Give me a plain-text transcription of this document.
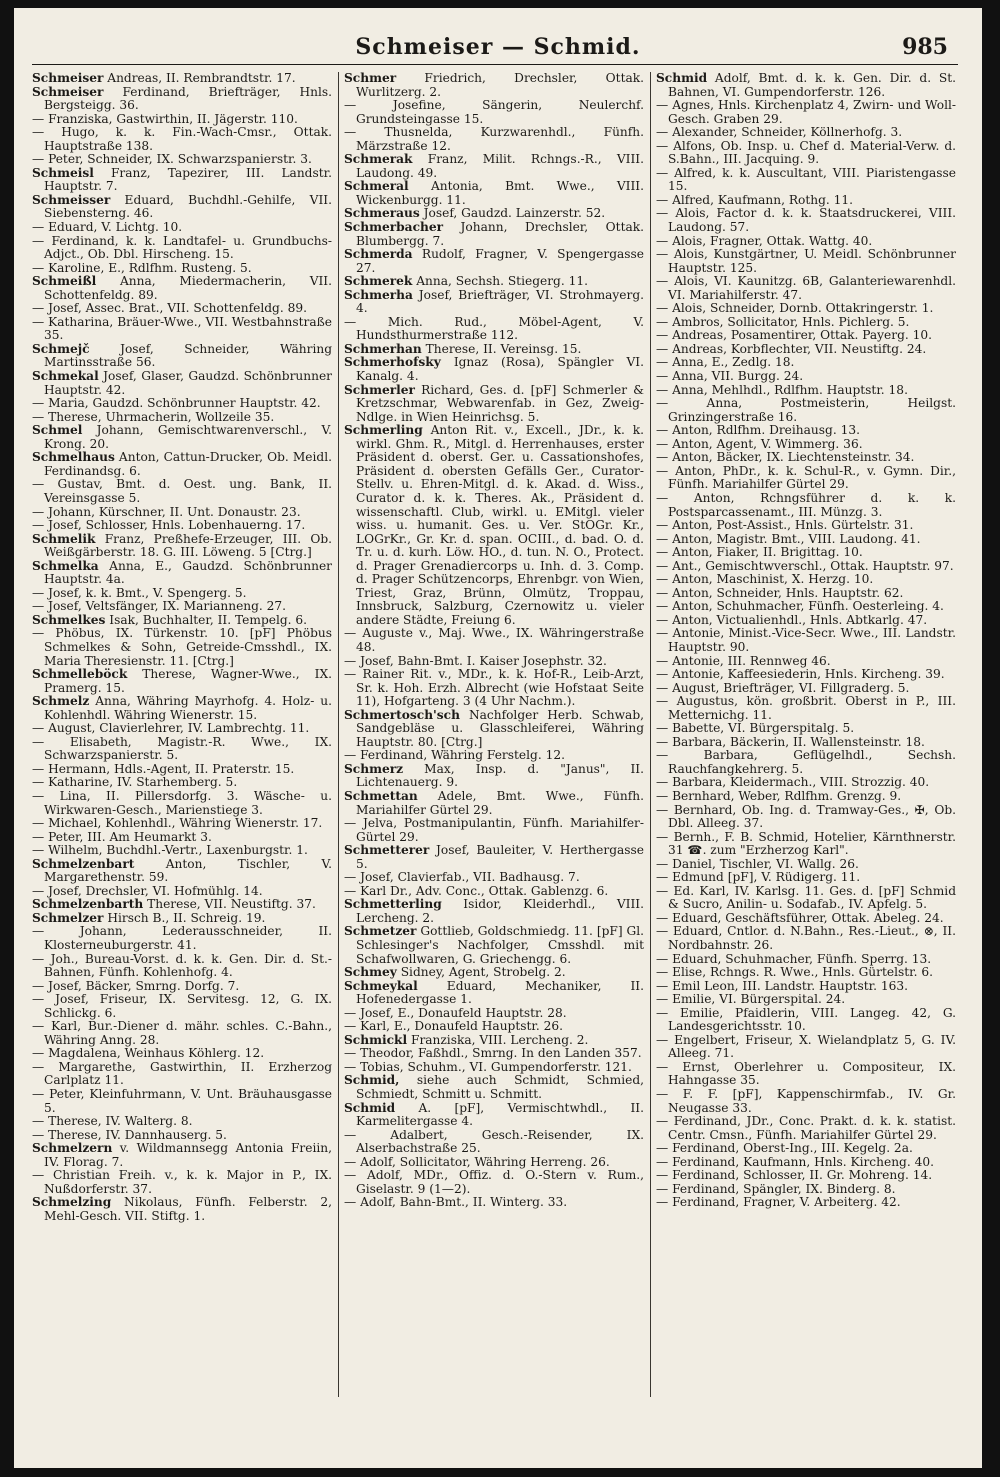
Schmeiser — Schmid.	985
Schmeiser Andreas, II. Rembrandtstr. 17.
Schmeiser Ferdinand, Briefträger, Hnls. Bergsteigg. 36.
— Franziska, Gastwirthin, II. Jägerstr. 110.
— Hugo, k. k. Fin.-Wach-Cmsr., Ottak. Hauptstraße 138.
— Peter, Schneider, IX. Schwarzspanierstr. 3.
Schmeisl Franz, Tapezirer, III. Landstr. Hauptstr. 7.
Schmeisser Eduard, Buchdhl.-Gehilfe, VII. Siebensterng. 46.
— Eduard, V. Lichtg. 10.
— Ferdinand, k. k. Landtafel- u. Grundbuchs-Adjct., Ob. Dbl. Hirscheng. 15.
— Karoline, E., Rdlfhm. Rusteng. 5.
Schmeißl Anna, Miedermacherin, VII. Schottenfeldg. 89.
— Josef, Assec. Brat., VII. Schottenfeldg. 89.
— Katharina, Bräuer-Wwe., VII. Westbahnstraße 35.
Schmejč Josef, Schneider, Währing Martinsstraße 56.
Schmekal Josef, Glaser, Gaudzd. Schönbrunner Hauptstr. 42.
— Maria, Gaudzd. Schönbrunner Hauptstr. 42.
— Therese, Uhrmacherin, Wollzeile 35.
Schmel Johann, Gemischtwarenverschl., V. Krong. 20.
Schmelhaus Anton, Cattun-Drucker, Ob. Meidl. Ferdinandsg. 6.
— Gustav, Bmt. d. Oest. ung. Bank, II. Vereinsgasse 5.
— Johann, Kürschner, II. Unt. Donaustr. 23.
— Josef, Schlosser, Hnls. Lobenhauerng. 17.
Schmelik Franz, Preßhefe-Erzeuger, III. Ob. Weißgärberstr. 18. G. III. Löweng. 5 [Ctrg.]
Schmelka Anna, E., Gaudzd. Schönbrunner Hauptstr. 4a.
— Josef, k. k. Bmt., V. Spengerg. 5.
— Josef, Veltsfänger, IX. Marianneng. 27.
Schmelkes Isak, Buchhalter, II. Tempelg. 6.
— Phöbus, IX. Türkenstr. 10. [pF] Phöbus Schmelkes & Sohn, Getreide-Cmsshdl., IX. Maria Theresienstr. 11. [Ctrg.]
Schmelleböck Therese, Wagner-Wwe., IX. Pramerg. 15.
Schmelz Anna, Währing Mayrhofg. 4. Holz- u. Kohlenhdl. Währing Wienerstr. 15.
— August, Clavierlehrer, IV. Lambrechtg. 11.
— Elisabeth, Magistr.-R. Wwe., IX. Schwarzspanierstr. 5.
— Hermann, Hdls.-Agent, II. Praterstr. 15.
— Katharine, IV. Starhemberg. 5.
— Lina, II. Pillersdorfg. 3. Wäsche- u. Wirkwaren-Gesch., Marienstiege 3.
— Michael, Kohlenhdl., Währing Wienerstr. 17.
— Peter, III. Am Heumarkt 3.
— Wilhelm, Buchdhl.-Vertr., Laxenburgstr. 1.
Schmelzenbart Anton, Tischler, V. Margarethenstr. 59.
— Josef, Drechsler, VI. Hofmühlg. 14.
Schmelzenbarth Therese, VII. Neustiftg. 37.
Schmelzer Hirsch B., II. Schreig. 19.
— Johann, Lederausschneider, II. Klosterneuburgerstr. 41.
— Joh., Bureau-Vorst. d. k. k. Gen. Dir. d. St.-Bahnen, Fünfh. Kohlenhofg. 4.
— Josef, Bäcker, Smrng. Dorfg. 7.
— Josef, Friseur, IX. Servitesg. 12, G. IX. Schlickg. 6.
— Karl, Bur.-Diener d. mähr. schles. C.-Bahn., Währing Anng. 28.
— Magdalena, Weinhaus Köhlerg. 12.
— Margarethe, Gastwirthin, II. Erzherzog Carlplatz 11.
— Peter, Kleinfuhrmann, V. Unt. Bräuhausgasse 5.
— Therese, IV. Walterg. 8.
— Therese, IV. Dannhauserg. 5.
Schmelzern v. Wildmannsegg Antonia Freiin, IV. Florag. 7.
— Christian Freih. v., k. k. Major in P., IX. Nußdorferstr. 37.
Schmelzing Nikolaus, Fünfh. Felberstr. 2, Mehl-Gesch. VII. Stiftg. 1.
Schmer Friedrich, Drechsler, Ottak. Wurlitzerg. 2.
— Josefine, Sängerin, Neulerchf. Grundsteingasse 15.
— Thusnelda, Kurzwarenhdl., Fünfh. Märzstraße 12.
Schmerak Franz, Milit. Rchngs.-R., VIII. Laudong. 49.
Schmeral Antonia, Bmt. Wwe., VIII. Wickenburgg. 11.
Schmeraus Josef, Gaudzd. Lainzerstr. 52.
Schmerbacher Johann, Drechsler, Ottak. Blumbergg. 7.
Schmerda Rudolf, Fragner, V. Spengergasse 27.
Schmerek Anna, Sechsh. Stiegerg. 11.
Schmerha Josef, Briefträger, VI. Strohmayerg. 4.
— Mich. Rud., Möbel-Agent, V. Hundsthurmerstraße 112.
Schmerhan Therese, II. Vereinsg. 15.
Schmerhofsky Ignaz (Rosa), Spängler VI. Kanalg. 4.
Schmerler Richard, Ges. d. [pF] Schmerler & Kretzschmar, Webwarenfab. in Gez, Zweig-Ndlge. in Wien Heinrichsg. 5.
Schmerling Anton Rit. v., Excell., JDr., k. k. wirkl. Ghm. R., Mitgl. d. Herrenhauses, erster Präsident d. oberst. Ger. u. Cassationshofes, Präsident d. obersten Gefälls Ger., Curator-Stellv. u. Ehren-Mitgl. d. k. Akad. d. Wiss., Curator d. k. k. Theres. Ak., Präsident d. wissenschaftl. Club, wirkl. u. EMitgl. vieler wiss. u. humanit. Ges. u. Ver. StOGr. Kr., LOGrKr., Gr. Kr. d. span. OCIII., d. bad. O. d. Tr. u. d. kurh. Löw. HO., d. tun. N. O., Protect. d. Prager Grenadiercorps u. Inh. d. 3. Comp. d. Prager Schützencorps, Ehrenbgr. von Wien, Triest, Graz, Brünn, Olmütz, Troppau, Innsbruck, Salzburg, Czernowitz u. vieler andere Städte, Freiung 6.
— Auguste v., Maj. Wwe., IX. Währingerstraße 48.
— Josef, Bahn-Bmt. I. Kaiser Josephstr. 32.
— Rainer Rit. v., MDr., k. k. Hof-R., Leib-Arzt, Sr. k. Hoh. Erzh. Albrecht (wie Hofstaat Seite 11), Hofgarteng. 3 (4 Uhr Nachm.).
Schmertosch'sch Nachfolger Herb. Schwab, Sandgebläse u. Glasschleiferei, Währing Hauptstr. 80. [Ctrg.]
— Ferdinand, Währing Ferstelg. 12.
Schmerz Max, Insp. d. "Janus", II. Lichtenauerg. 9.
Schmettan Adele, Bmt. Wwe., Fünfh. Mariahilfer Gürtel 29.
— Jelva, Postmanipulantin, Fünfh. Mariahilfer-Gürtel 29.
Schmetterer Josef, Bauleiter, V. Herthergasse 5.
— Josef, Clavierfab., VII. Badhausg. 7.
— Karl Dr., Adv. Conc., Ottak. Gablenzg. 6.
Schmetterling Isidor, Kleiderhdl., VIII. Lercheng. 2.
Schmetzer Gottlieb, Goldschmiedg. 11. [pF] Gl. Schlesinger's Nachfolger, Cmsshdl. mit Schafwollwaren, G. Griechengg. 6.
Schmey Sidney, Agent, Strobelg. 2.
Schmeykal Eduard, Mechaniker, II. Hofenedergasse 1.
— Josef, E., Donaufeld Hauptstr. 28.
— Karl, E., Donaufeld Hauptstr. 26.
Schmickl Franziska, VIII. Lercheng. 2.
— Theodor, Faßhdl., Smrng. In den Landen 357.
— Tobias, Schuhm., VI. Gumpendorferstr. 121.
Schmid, siehe auch Schmidt, Schmied, Schmiedt, Schmitt u. Schmitt.
Schmid A. [pF], Vermischtwhdl., II. Karmelitergasse 4.
— Adalbert, Gesch.-Reisender, IX. Alserbachstraße 25.
— Adolf, Sollicitator, Währing Herreng. 26.
— Adolf, MDr., Offiz. d. O.-Stern v. Rum., Giselastr. 9 (1—2).
— Adolf, Bahn-Bmt., II. Winterg. 33.
Schmid Adolf, Bmt. d. k. k. Gen. Dir. d. St. Bahnen, VI. Gumpendorferstr. 126.
— Agnes, Hnls. Kirchenplatz 4, Zwirn- und Woll-Gesch. Graben 29.
— Alexander, Schneider, Köllnerhofg. 3.
— Alfons, Ob. Insp. u. Chef d. Material-Verw. d. S.Bahn., III. Jacquing. 9.
— Alfred, k. k. Auscultant, VIII. Piaristengasse 15.
— Alfred, Kaufmann, Rothg. 11.
— Alois, Factor d. k. k. Staatsdruckerei, VIII. Laudong. 57.
— Alois, Fragner, Ottak. Wattg. 40.
— Alois, Kunstgärtner, U. Meidl. Schönbrunner Hauptstr. 125.
— Alois, VI. Kaunitzg. 6B, Galanteriewarenhdl. VI. Mariahilferstr. 47.
— Alois, Schneider, Dornb. Ottakringerstr. 1.
— Ambros, Sollicitator, Hnls. Pichlerg. 5.
— Andreas, Posamentirer, Ottak. Payerg. 10.
— Andreas, Korbflechter, VII. Neustiftg. 24.
— Anna, E., Zedlg. 18.
— Anna, VII. Burgg. 24.
— Anna, Mehlhdl., Rdlfhm. Hauptstr. 18.
— Anna, Postmeisterin, Heilgst. Grinzingerstraße 16.
— Anton, Rdlfhm. Dreihausg. 13.
— Anton, Agent, V. Wimmerg. 36.
— Anton, Bäcker, IX. Liechtensteinstr. 34.
— Anton, PhDr., k. k. Schul-R., v. Gymn. Dir., Fünfh. Mariahilfer Gürtel 29.
— Anton, Rchngsführer d. k. k. Postsparcassenamt., III. Münzg. 3.
— Anton, Post-Assist., Hnls. Gürtelstr. 31.
— Anton, Magistr. Bmt., VIII. Laudong. 41.
— Anton, Fiaker, II. Brigittag. 10.
— Ant., Gemischtwverschl., Ottak. Hauptstr. 97.
— Anton, Maschinist, X. Herzg. 10.
— Anton, Schneider, Hnls. Hauptstr. 62.
— Anton, Schuhmacher, Fünfh. Oesterleing. 4.
— Anton, Victualienhdl., Hnls. Abtkarlg. 47.
— Antonie, Minist.-Vice-Secr. Wwe., III. Landstr. Hauptstr. 90.
— Antonie, III. Rennweg 46.
— Antonie, Kaffeesiederin, Hnls. Kircheng. 39.
— August, Briefträger, VI. Fillgraderg. 5.
— Augustus, kön. großbrit. Oberst in P., III. Metternichg. 11.
— Babette, VI. Bürgerspitalg. 5.
— Barbara, Bäckerin, II. Wallensteinstr. 18.
— Barbara, Geflügelhdl., Sechsh. Rauchfangkehrerg. 5.
— Barbara, Kleidermach., VIII. Strozzig. 40.
— Bernhard, Weber, Rdlfhm. Grenzg. 9.
— Bernhard, Ob. Ing. d. Tramway-Ges., ✠, Ob. Dbl. Alleeg. 37.
— Bernh., F. B. Schmid, Hotelier, Kärnthnerstr. 31 ☎. zum "Erzherzog Karl".
— Daniel, Tischler, VI. Wallg. 26.
— Edmund [pF], V. Rüdigerg. 11.
— Ed. Karl, IV. Karlsg. 11. Ges. d. [pF] Schmid & Sucro, Anilin- u. Sodafab., IV. Apfelg. 5.
— Eduard, Geschäftsführer, Ottak. Abeleg. 24.
— Eduard, Cntlor. d. N.Bahn., Res.-Lieut., ⊗, II. Nordbahnstr. 26.
— Eduard, Schuhmacher, Fünfh. Sperrg. 13.
— Elise, Rchngs. R. Wwe., Hnls. Gürtelstr. 6.
— Emil Leon, III. Landstr. Hauptstr. 163.
— Emilie, VI. Bürgerspital. 24.
— Emilie, Pfaidlerin, VIII. Langeg. 42, G. Landesgerichtsstr. 10.
— Engelbert, Friseur, X. Wielandplatz 5, G. IV. Alleeg. 71.
— Ernst, Oberlehrer u. Compositeur, IX. Hahngasse 35.
— F. F. [pF], Kappenschirmfab., IV. Gr. Neugasse 33.
— Ferdinand, JDr., Conc. Prakt. d. k. k. statist. Centr. Cmsn., Fünfh. Mariahilfer Gürtel 29.
— Ferdinand, Oberst-Ing., III. Kegelg. 2a.
— Ferdinand, Kaufmann, Hnls. Kircheng. 40.
— Ferdinand, Schlosser, II. Gr. Mohreng. 14.
— Ferdinand, Spängler, IX. Binderg. 8.
— Ferdinand, Fragner, V. Arbeiterg. 42.
